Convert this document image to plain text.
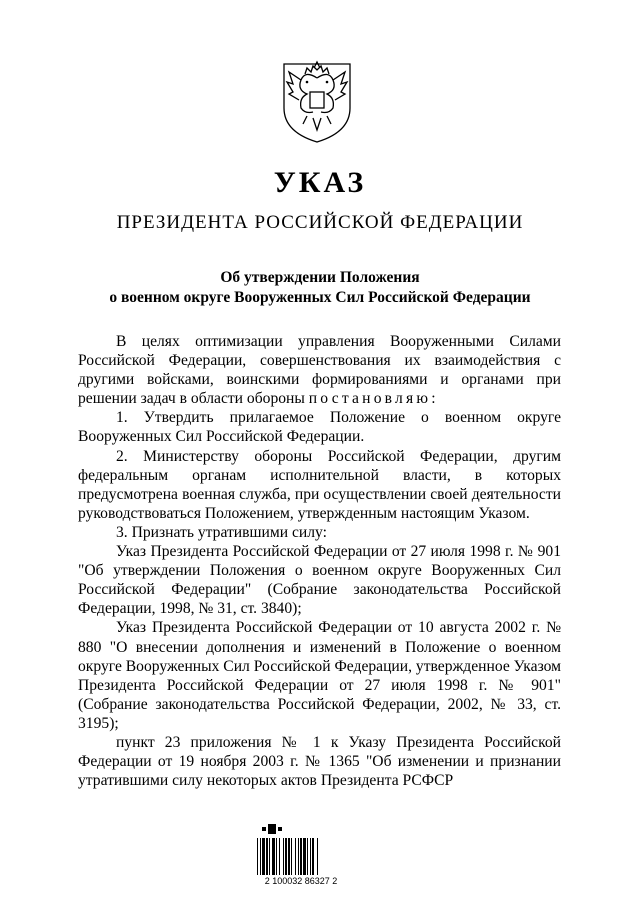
УКАЗ
ПРЕЗИДЕНТА РОССИЙСКОЙ ФЕДЕРАЦИИ
Об утверждении Положения
о военном округе Вооруженных Сил Российской Федерации

В целях оптимизации управления Вооруженными Силами Российской Федерации, совершенствования их взаимодействия с другими войсками, воинскими формированиями и органами при решении задач в области обороны постановляю:

1. Утвердить прилагаемое Положение о военном округе Вооруженных Сил Российской Федерации.

2. Министерству обороны Российской Федерации, другим федеральным органам исполнительной власти, в которых предусмотрена военная служба, при осуществлении своей деятельности руководствоваться Положением, утвержденным настоящим Указом.

3. Признать утратившими силу:

Указ Президента Российской Федерации от 27 июля 1998 г. № 901 "Об утверждении Положения о военном округе Вооруженных Сил Российской Федерации" (Собрание законодательства Российской Федерации, 1998, № 31, ст. 3840);

Указ Президента Российской Федерации от 10 августа 2002 г. № 880 "О внесении дополнения и изменений в Положение о военном округе Вооруженных Сил Российской Федерации, утвержденное Указом Президента Российской Федерации от 27 июля 1998 г. № 901" (Собрание законодательства Российской Федерации, 2002, № 33, ст. 3195);

пункт 23 приложения № 1 к Указу Президента Российской Федерации от 19 ноября 2003 г. № 1365 "Об изменении и признании утратившими силу некоторых актов Президента РСФСР

2 100032 86327 2
